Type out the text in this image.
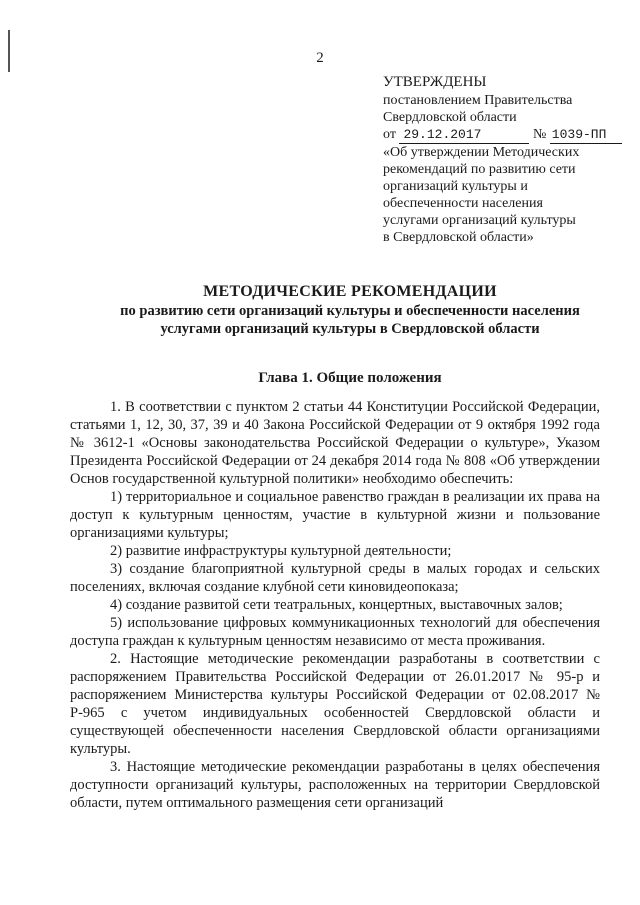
2
УТВЕРЖДЕНЫ
постановлением Правительства
Свердловской области
от 29.12.2017	№ 1039-ПП
«Об утверждении Методических
рекомендаций по развитию сети
организаций культуры и
обеспеченности населения
услугами организаций культуры
в Свердловской области»
МЕТОДИЧЕСКИЕ РЕКОМЕНДАЦИИ
по развитию сети организаций культуры и обеспеченности населения
услугами организаций культуры в Свердловской области
Глава 1. Общие положения

1. В соответствии с пунктом 2 статьи 44 Конституции Российской Федерации, статьями 1, 12, 30, 37, 39 и 40 Закона Российской Федерации от 9 октября 1992 года № 3612-1 «Основы законодательства Российской Федерации о культуре», Указом Президента Российской Федерации от 24 декабря 2014 года № 808 «Об утверждении Основ государственной культурной политики» необходимо обеспечить:

1) территориальное и социальное равенство граждан в реализации их права на доступ к культурным ценностям, участие в культурной жизни и пользование организациями культуры;

2) развитие инфраструктуры культурной деятельности;

3) создание благоприятной культурной среды в малых городах и сельских поселениях, включая создание клубной сети киновидеопоказа;

4) создание развитой сети театральных, концертных, выставочных залов;

5) использование цифровых коммуникационных технологий для обеспечения доступа граждан к культурным ценностям независимо от места проживания.

2. Настоящие методические рекомендации разработаны в соответствии с распоряжением Правительства Российской Федерации от 26.01.2017 № 95-р и распоряжением Министерства культуры Российской Федерации от 02.08.2017 № Р-965 с учетом индивидуальных особенностей Свердловской области и существующей обеспеченности населения Свердловской области организациями культуры.

3. Настоящие методические рекомендации разработаны в целях обеспечения доступности организаций культуры, расположенных на территории Свердловской области, путем оптимального размещения сети организаций
